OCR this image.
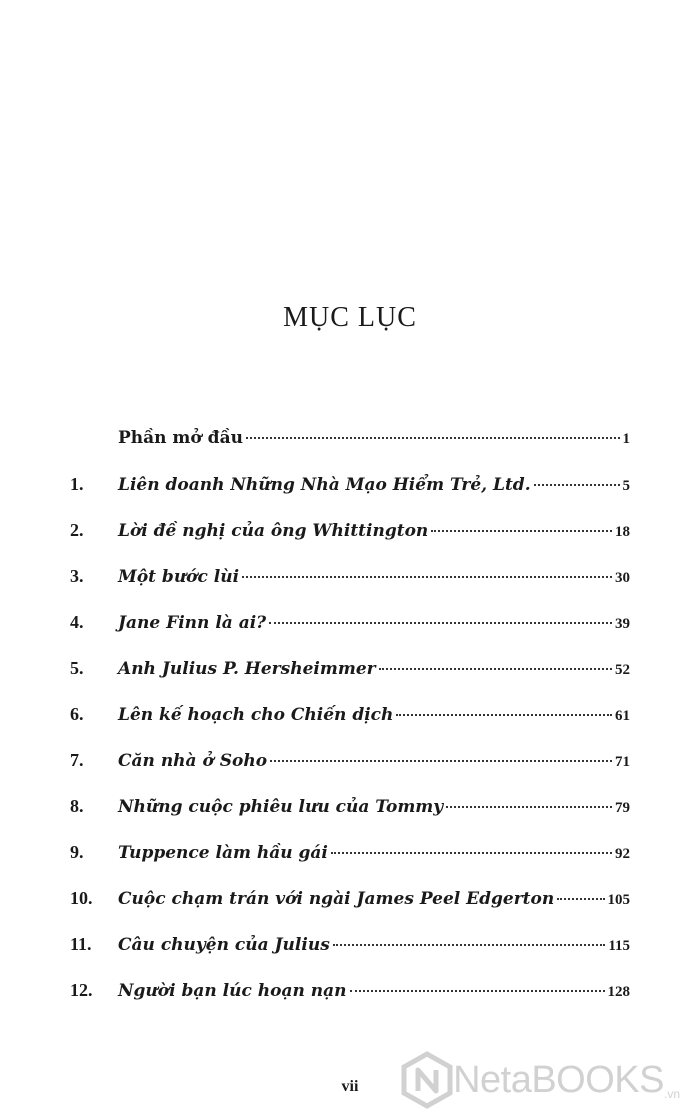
MỤC LỤC
Phần mở đầu	1
1.	Liên doanh Những Nhà Mạo Hiểm Trẻ, Ltd.	5
2.	Lời đề nghị của ông Whittington	18
3.	Một bước lùi	30
4.	Jane Finn là ai?	39
5.	Anh Julius P. Hersheimmer	52
6.	Lên kế hoạch cho Chiến dịch	61
7.	Căn nhà ở Soho	71
8.	Những cuộc phiêu lưu của Tommy	79
9.	Tuppence làm hầu gái	92
10.	Cuộc chạm trán với ngài James Peel Edgerton	105
11.	Câu chuyện của Julius	115
12.	Người bạn lúc hoạn nạn	128
vii	NetaBOOKS .vn
